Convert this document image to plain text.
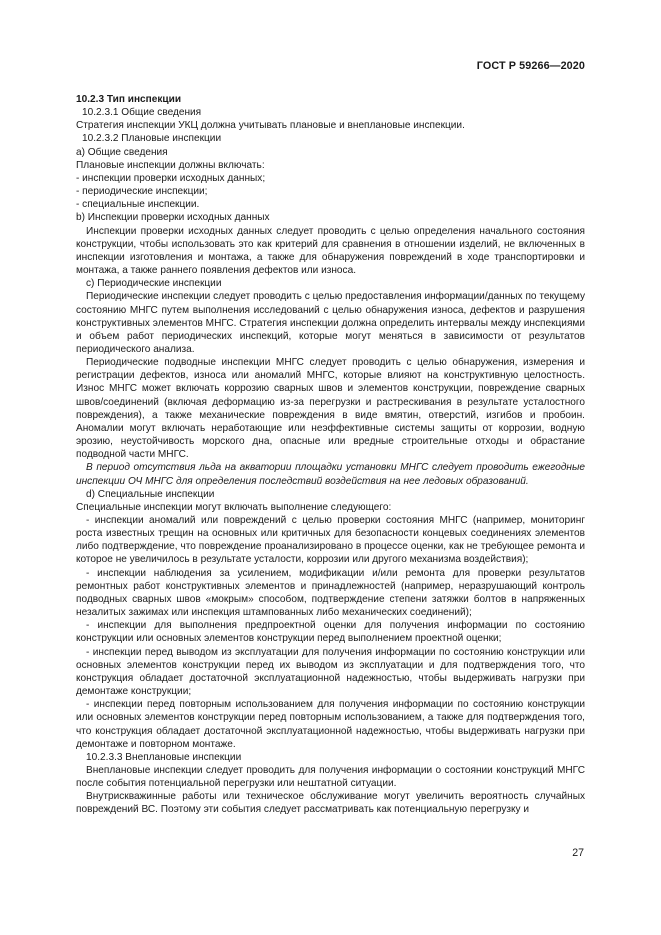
ГОСТ Р 59266—2020

10.2.3 Тип инспекции

10.2.3.1 Общие сведения

Стратегия инспекции УКЦ должна учитывать плановые и внеплановые инспекции.

10.2.3.2 Плановые инспекции

а) Общие сведения

Плановые инспекции должны включать:

- инспекции проверки исходных данных;

- периодические инспекции;

- специальные инспекции.

b) Инспекции проверки исходных данных

Инспекции проверки исходных данных следует проводить с целью определения начального состояния конструкции, чтобы использовать это как критерий для сравнения в отношении изделий, не включенных в инспекции изготовления и монтажа, а также для обнаружения повреждений в ходе транспортировки и монтажа, а также раннего появления дефектов или износа.

c) Периодические инспекции

Периодические инспекции следует проводить с целью предоставления информации/данных по текущему состоянию МНГС путем выполнения исследований с целью обнаружения износа, дефектов и разрушения конструктивных элементов МНГС. Стратегия инспекции должна определить интервалы между инспекциями и объем работ периодических инспекций, которые могут меняться в зависимости от результатов периодического анализа.

Периодические подводные инспекции МНГС следует проводить с целью обнаружения, измерения и регистрации дефектов, износа или аномалий МНГС, которые влияют на конструктивную целостность. Износ МНГС может включать коррозию сварных швов и элементов конструкции, повреждение сварных швов/соединений (включая деформацию из-за перегрузки и растрескивания в результате усталостного повреждения), а также механические повреждения в виде вмятин, отверстий, изгибов и пробоин. Аномалии могут включать неработающие или неэффективные системы защиты от коррозии, водную эрозию, неустойчивость морского дна, опасные или вредные строительные отходы и обрастание подводной части МНГС.

В период отсутствия льда на акватории площадки установки МНГС следует проводить ежегодные инспекции ОЧ МНГС для определения последствий воздействия на нее ледовых образований.

d) Специальные инспекции

Специальные инспекции могут включать выполнение следующего:

- инспекции аномалий или повреждений с целью проверки состояния МНГС (например, мониторинг роста известных трещин на основных или критичных для безопасности концевых соединениях элементов либо подтверждение, что повреждение проанализировано в процессе оценки, как не требующее ремонта и которое не увеличилось в результате усталости, коррозии или другого механизма воздействия);

- инспекции наблюдения за усилением, модификации и/или ремонта для проверки результатов ремонтных работ конструктивных элементов и принадлежностей (например, неразрушающий контроль подводных сварных швов «мокрым» способом, подтверждение степени затяжки болтов в напряженных незалитых зажимах или инспекция штампованных либо механических соединений);

- инспекции для выполнения предпроектной оценки для получения информации по состоянию конструкции или основных элементов конструкции перед выполнением проектной оценки;

- инспекции перед выводом из эксплуатации для получения информации по состоянию конструкции или основных элементов конструкции перед их выводом из эксплуатации и для подтверждения того, что конструкция обладает достаточной эксплуатационной надежностью, чтобы выдерживать нагрузки при демонтаже конструкции;

- инспекции перед повторным использованием для получения информации по состоянию конструкции или основных элементов конструкции перед повторным использованием, а также для подтверждения того, что конструкция обладает достаточной эксплуатационной надежностью, чтобы выдерживать нагрузки при демонтаже и повторном монтаже.

10.2.3.3 Внеплановые инспекции

Внеплановые инспекции следует проводить для получения информации о состоянии конструкций МНГС после события потенциальной перегрузки или нештатной ситуации.

Внутрискважинные работы или техническое обслуживание могут увеличить вероятность случайных повреждений ВС. Поэтому эти события следует рассматривать как потенциальную перегрузку и

27
